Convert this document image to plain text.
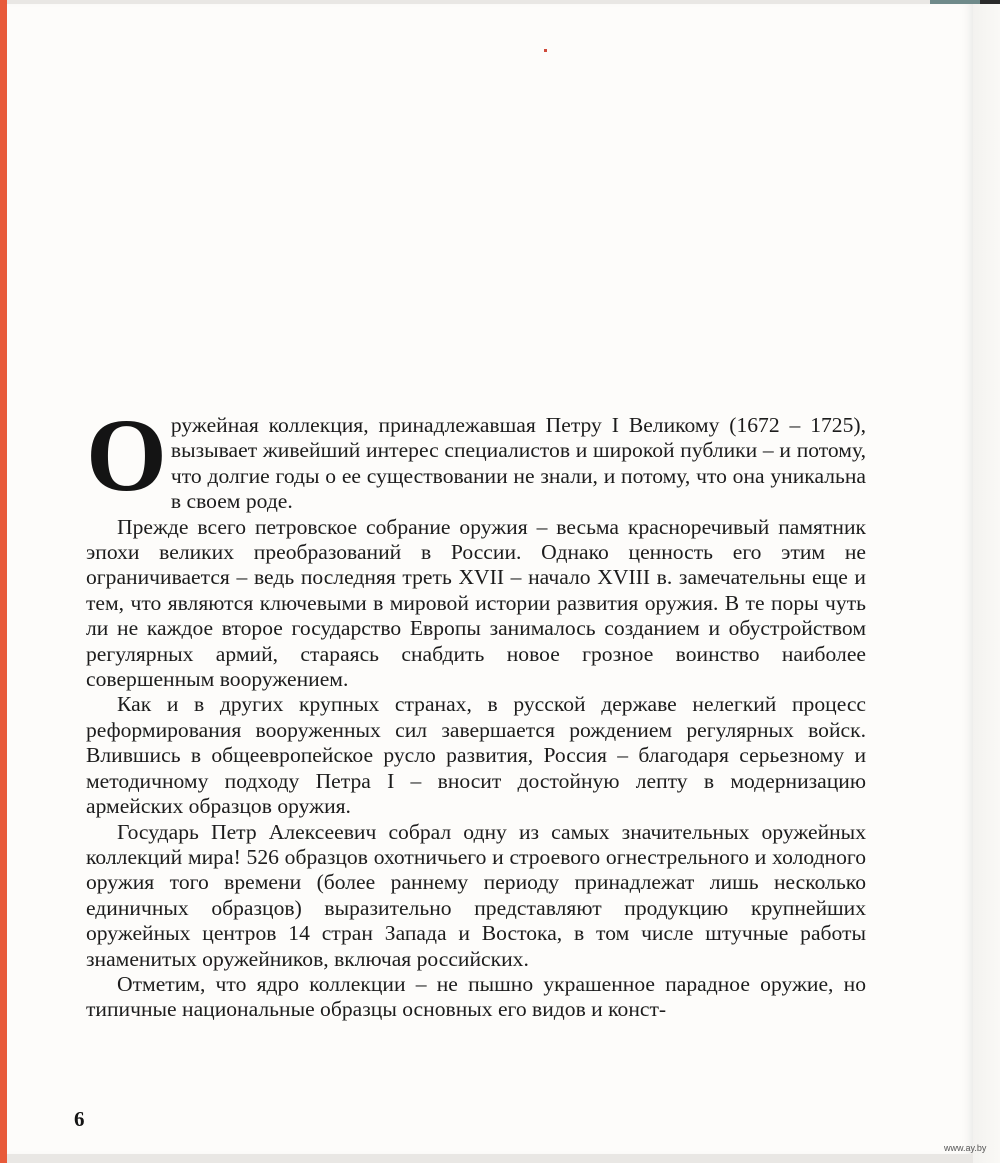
Оружейная коллекция, принадлежавшая Петру I Великому (1672 – 1725), вызывает живейший интерес специалистов и широкой публики – и потому, что долгие годы о ее существовании не знали, и потому, что она уникальна в своем роде.

Прежде всего петровское собрание оружия – весьма красноречивый памятник эпохи великих преобразований в России. Однако ценность его этим не ограничивается – ведь последняя треть XVII – начало XVIII в. замечательны еще и тем, что являются ключевыми в мировой истории развития оружия. В те поры чуть ли не каждое второе государство Европы занималось созданием и обустройством регулярных армий, стараясь снабдить новое грозное воинство наиболее совершенным вооружением.

Как и в других крупных странах, в русской державе нелегкий процесс реформирования вооруженных сил завершается рождением регулярных войск. Влившись в общеевропейское русло развития, Россия – благодаря серьезному и методичному подходу Петра I – вносит достойную лепту в модернизацию армейских образцов оружия.

Государь Петр Алексеевич собрал одну из самых значительных оружейных коллекций мира! 526 образцов охотничьего и строевого огнестрельного и холодного оружия того времени (более раннему периоду принадлежат лишь несколько единичных образцов) выразительно представляют продукцию крупнейших оружейных центров 14 стран Запада и Востока, в том числе штучные работы знаменитых оружейников, включая российских.

Отметим, что ядро коллекции – не пышно украшенное парадное оружие, но типичные национальные образцы основных его видов и конст-

6
www.ay.by
